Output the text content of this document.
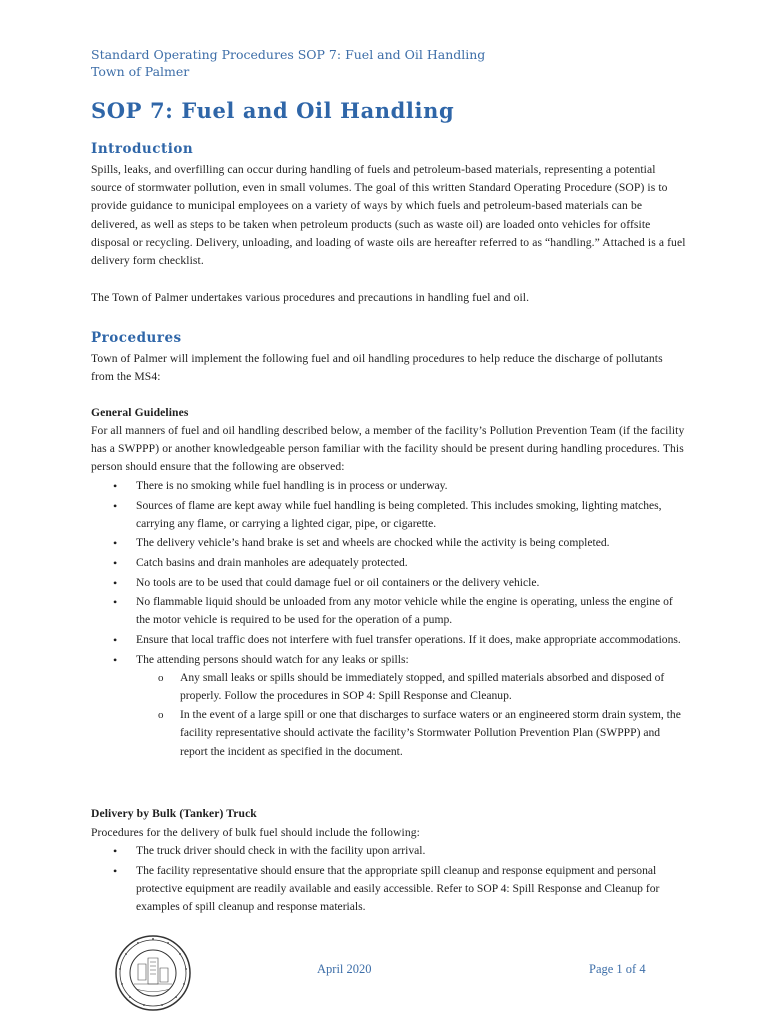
Standard Operating Procedures SOP 7: Fuel and Oil Handling
Town of Palmer
SOP 7: Fuel and Oil Handling
Introduction
Spills, leaks, and overfilling can occur during handling of fuels and petroleum-based materials, representing a potential source of stormwater pollution, even in small volumes. The goal of this written Standard Operating Procedure (SOP) is to provide guidance to municipal employees on a variety of ways by which fuels and petroleum-based materials can be delivered, as well as steps to be taken when petroleum products (such as waste oil) are loaded onto vehicles for offsite disposal or recycling. Delivery, unloading, and loading of waste oils are hereafter referred to as “handling.” Attached is a fuel delivery form checklist.
The Town of Palmer undertakes various procedures and precautions in handling fuel and oil.
Procedures
Town of Palmer will implement the following fuel and oil handling procedures to help reduce the discharge of pollutants from the MS4:
General Guidelines
For all manners of fuel and oil handling described below, a member of the facility’s Pollution Prevention Team (if the facility has a SWPPP) or another knowledgeable person familiar with the facility should be present during handling procedures. This person should ensure that the following are observed:
• There is no smoking while fuel handling is in process or underway.
• Sources of flame are kept away while fuel handling is being completed. This includes smoking, lighting matches, carrying any flame, or carrying a lighted cigar, pipe, or cigarette.
• The delivery vehicle’s hand brake is set and wheels are chocked while the activity is being completed.
• Catch basins and drain manholes are adequately protected.
• No tools are to be used that could damage fuel or oil containers or the delivery vehicle.
• No flammable liquid should be unloaded from any motor vehicle while the engine is operating, unless the engine of the motor vehicle is required to be used for the operation of a pump.
• Ensure that local traffic does not interfere with fuel transfer operations. If it does, make appropriate accommodations.
• The attending persons should watch for any leaks or spills:
o Any small leaks or spills should be immediately stopped, and spilled materials absorbed and disposed of properly. Follow the procedures in SOP 4: Spill Response and Cleanup.
o In the event of a large spill or one that discharges to surface waters or an engineered storm drain system, the facility representative should activate the facility’s Stormwater Pollution Prevention Plan (SWPPP) and report the incident as specified in the document.
Delivery by Bulk (Tanker) Truck
Procedures for the delivery of bulk fuel should include the following:
• The truck driver should check in with the facility upon arrival.
• The facility representative should ensure that the appropriate spill cleanup and response equipment and personal protective equipment are readily available and easily accessible. Refer to SOP 4: Spill Response and Cleanup for examples of spill cleanup and response materials.
April 2020	Page 1 of 4
